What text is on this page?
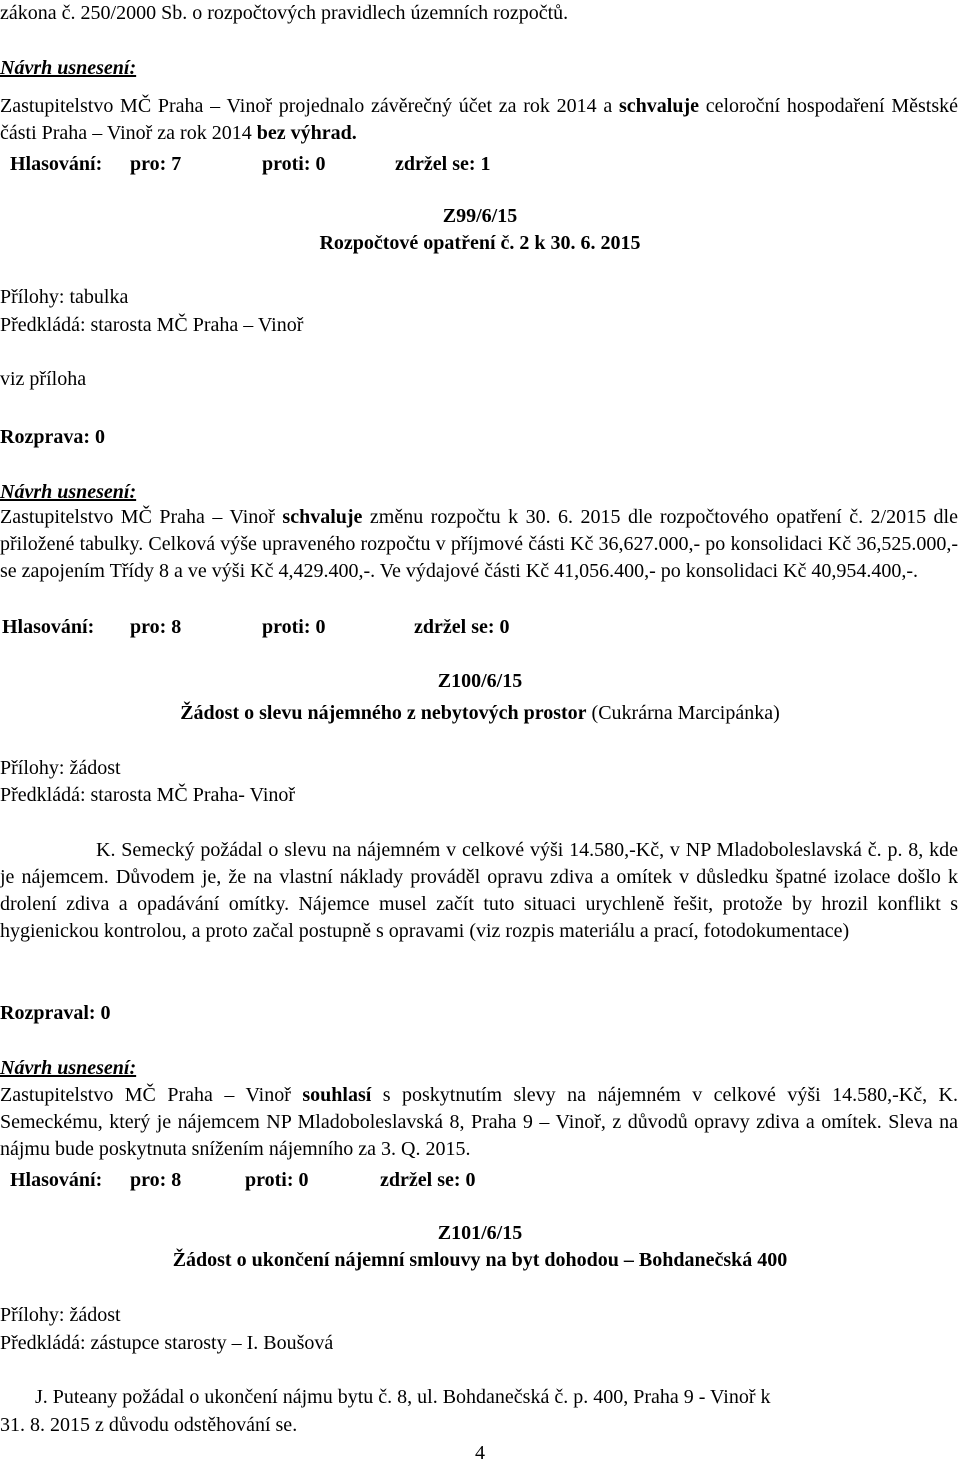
zákona č. 250/2000 Sb. o rozpočtových pravidlech územních rozpočtů.
Návrh usnesení:
Zastupitelstvo MČ Praha – Vinoř projednalo závěrečný účet za rok 2014 a schvaluje celoroční hospodaření Městské části Praha – Vinoř za rok 2014 bez výhrad.
Hlasování: pro: 7	proti: 0	zdržel se: 1
Z99/6/15
Rozpočtové opatření č. 2 k 30. 6. 2015
Přílohy: tabulka
Předkládá: starosta MČ Praha – Vinoř
viz příloha
Rozprava: 0
Návrh usnesení:
Zastupitelstvo MČ Praha – Vinoř schvaluje změnu rozpočtu k 30. 6. 2015 dle rozpočtového opatření č. 2/2015 dle přiložené tabulky. Celková výše upraveného rozpočtu v příjmové části Kč 36,627.000,- po konsolidaci Kč 36,525.000,- se zapojením Třídy 8 a ve výši Kč 4,429.400,-. Ve výdajové části Kč 41,056.400,- po konsolidaci Kč 40,954.400,-.
Hlasování: pro: 8	proti: 0	zdržel se: 0
Z100/6/15
Žádost o slevu nájemného z nebytových prostor (Cukrárna Marcipánka)
Přílohy: žádost
Předkládá: starosta MČ Praha- Vinoř
K. Semecký požádal o slevu na nájemném v celkové výši 14.580,-Kč, v NP Mladoboleslavská č. p. 8, kde je nájemcem. Důvodem je, že na vlastní náklady prováděl opravu zdiva a omítek v důsledku špatné izolace došlo k drolení zdiva a opadávání omítky. Nájemce musel začít tuto situaci urychleně řešit, protože by hrozil konflikt s hygienickou kontrolou, a proto začal postupně s opravami (viz rozpis materiálu a prací, fotodokumentace)
Rozpraval: 0
Návrh usnesení:
Zastupitelstvo MČ Praha – Vinoř souhlasí s poskytnutím slevy na nájemném v celkové výši 14.580,-Kč, K. Semeckému, který je nájemcem NP Mladoboleslavská 8, Praha 9 – Vinoř, z důvodů opravy zdiva a omítek. Sleva na nájmu bude poskytnuta snížením nájemního za 3. Q. 2015.
Hlasování: pro: 8	proti: 0	zdržel se: 0
Z101/6/15
Žádost o ukončení nájemní smlouvy na byt dohodou – Bohdanečská 400
Přílohy: žádost
Předkládá: zástupce starosty – I. Boušová
J. Puteany požádal o ukončení nájmu bytu č. 8, ul. Bohdanečská č. p. 400, Praha 9 - Vinoř k
31. 8. 2015 z důvodu odstěhování se.
4
